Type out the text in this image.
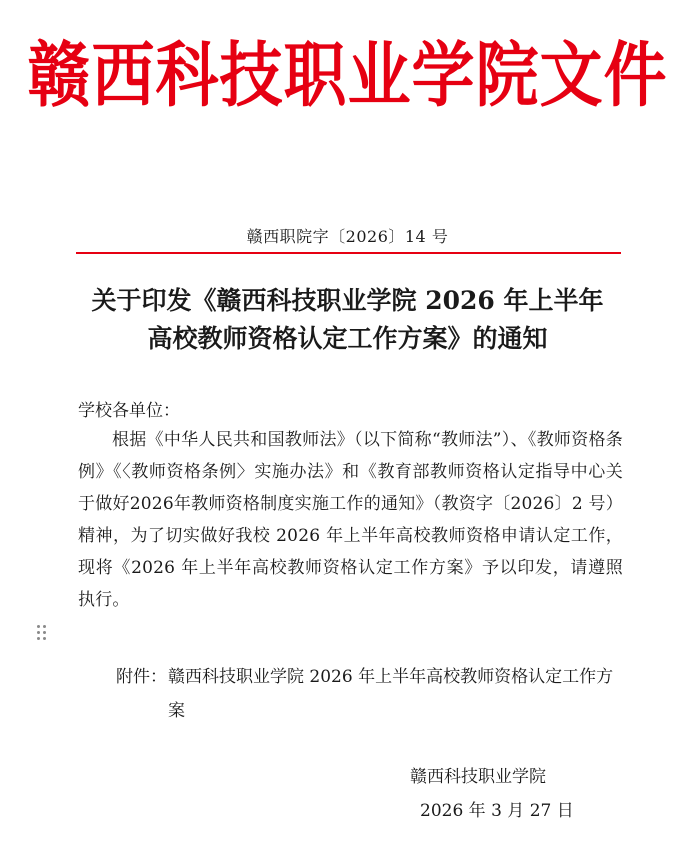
赣西科技职业学院文件
赣西职院字〔2026〕14 号
关于印发《赣西科技职业学院 2026 年上半年
高校教师资格认定工作方案》的通知
学校各单位：
根据《中华人民共和国教师法》（以下简称“教师法”）、《教师资格条例》《〈教师资格条例〉实施办法》和《教育部教师资格认定指导中心关于做好2026年教师资格制度实施工作的通知》（教资字〔2026〕2 号）精神，为了切实做好我校 2026 年上半年高校教师资格申请认定工作，现将《2026 年上半年高校教师资格认定工作方案》予以印发，请遵照执行。
附件： 赣西科技职业学院 2026 年上半年高校教师资格认定工作方案
赣西科技职业学院
2026 年 3 月 27 日
